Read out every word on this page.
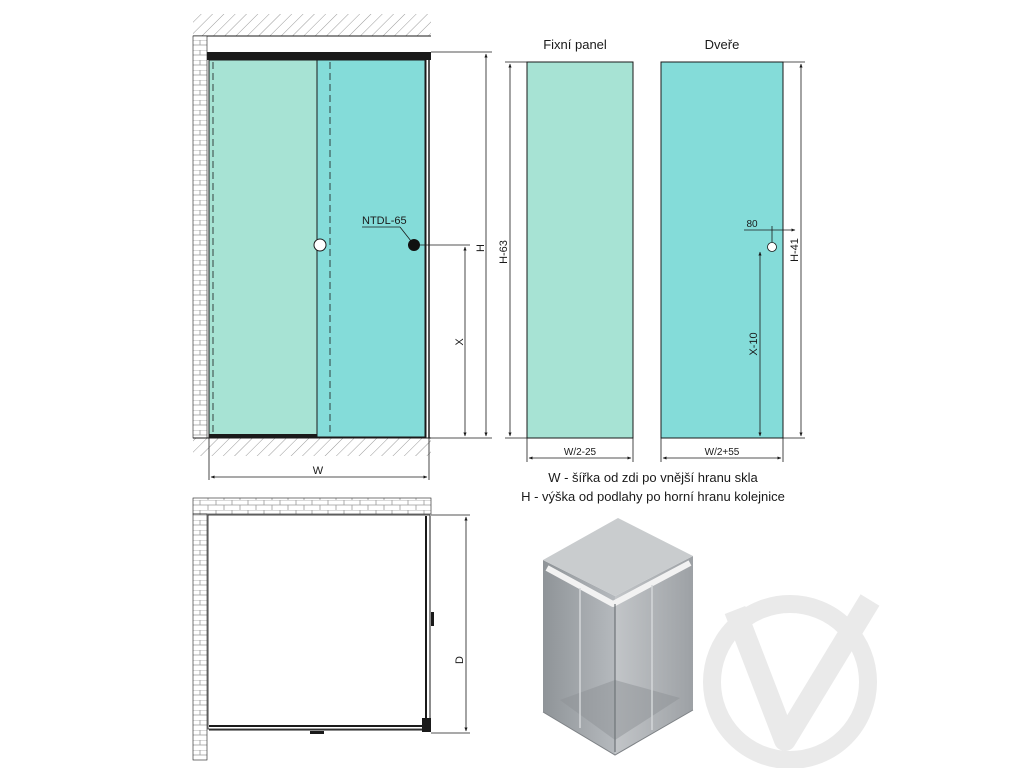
NTDL-65
H
X
W
Fixní panel
H-63
W/2-25
Dveře
80
H-41
X-10
W/2+55
W - šířka od zdi po vnější hranu skla
H - výška od podlahy po horní hranu kolejnice
D
